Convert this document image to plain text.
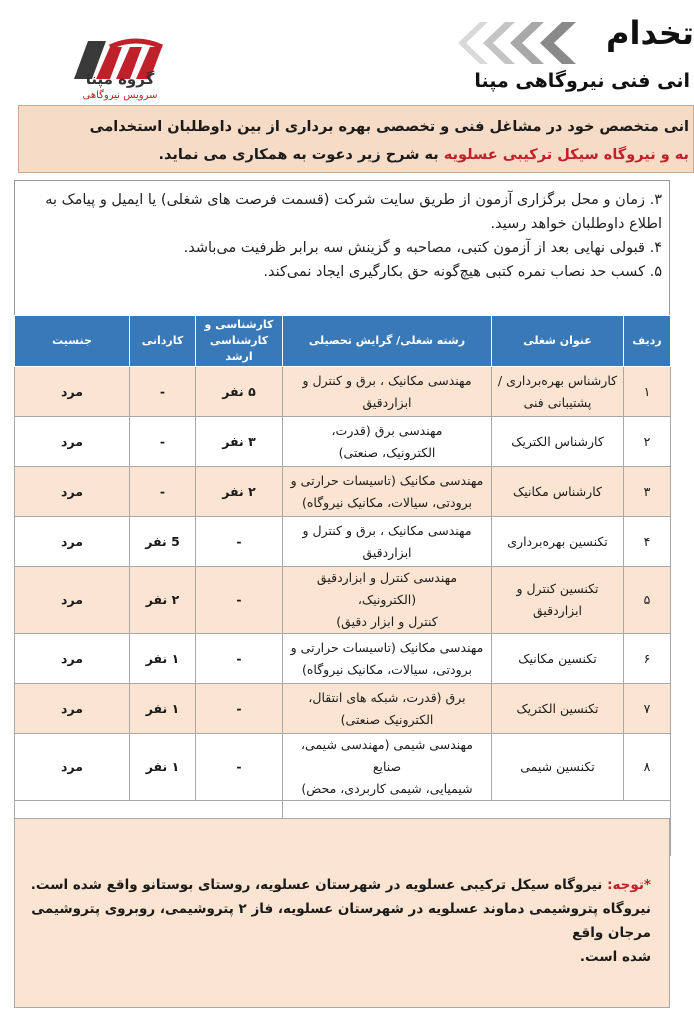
گروه مپنا
سرویس نیروگاهی
تخدام
انی فنی نیروگاهی مپنا
انی متخصص خود در مشاغل فنی و تخصصی بهره برداری از بین داوطلبان استخدامی
به و نیروگاه سیکل ترکیبی عسلویه به شرح زیر دعوت به همکاری می نماید.
۳. زمان و محل برگزاری آزمون از طریق سایت شرکت (قسمت فرصت های شغلی) یا ایمیل و پیامک به
اطلاع داوطلبان خواهد رسید.
۴. قبولی نهایی بعد از آزمون کتبی، مصاحبه و گزینش سه برابر ظرفیت می‌باشد.
۵. کسب حد نصاب نمره کتبی هیچ‌گونه حق بکارگیری ایجاد نمی‌کند.
ردیف	عنوان شغلی	رشته شغلی/ گرایش تحصیلی	کارشناسی و
کارشناسی ارشد	کاردانی	جنسیت
۱	کارشناس بهره‌برداری /
پشتیبانی فنی	مهندسی مکانیک ، برق و کنترل و
ابزاردقیق	۵ نفر	-	مرد
۲	کارشناس الکتریک	مهندسی برق (قدرت،
الکترونیک، صنعتی)	۳ نفر	-	مرد
۳	کارشناس مکانیک	مهندسی مکانیک (تاسیسات حرارتی و
برودتی، سیالات، مکانیک نیروگاه)	۲ نفر	-	مرد
۴	تکنسین بهره‌برداری	مهندسی مکانیک ، برق و کنترل و
ابزاردقیق	-	5 نفر	مرد
۵	تکنسین کنترل و
ابزاردقیق	مهندسی کنترل و ابزاردقیق (الکترونیک،
کنترل و ابزار دقیق)	-	۲ نفر	مرد
۶	تکنسین مکانیک	مهندسی مکانیک (تاسیسات حرارتی و
برودتی، سیالات، مکانیک نیروگاه)	-	۱ نفر	مرد
۷	تکنسین الکتریک	برق (قدرت، شبکه های انتقال،
الکترونیک صنعتی)	-	۱ نفر	مرد
۸	تکنسین شیمی	مهندسی شیمی (مهندسی شیمی، صنایع
شیمیایی، شیمی کاربردی، محض)	-	۱ نفر	مرد

*توجه: نیروگاه سیکل ترکیبی عسلویه در شهرستان عسلویه، روستای بوستانو واقع شده است.
نیروگاه پتروشیمی دماوند عسلویه در شهرستان عسلویه، فاز ۲ پتروشیمی، روبروی پتروشیمی مرجان واقع
شده است.
